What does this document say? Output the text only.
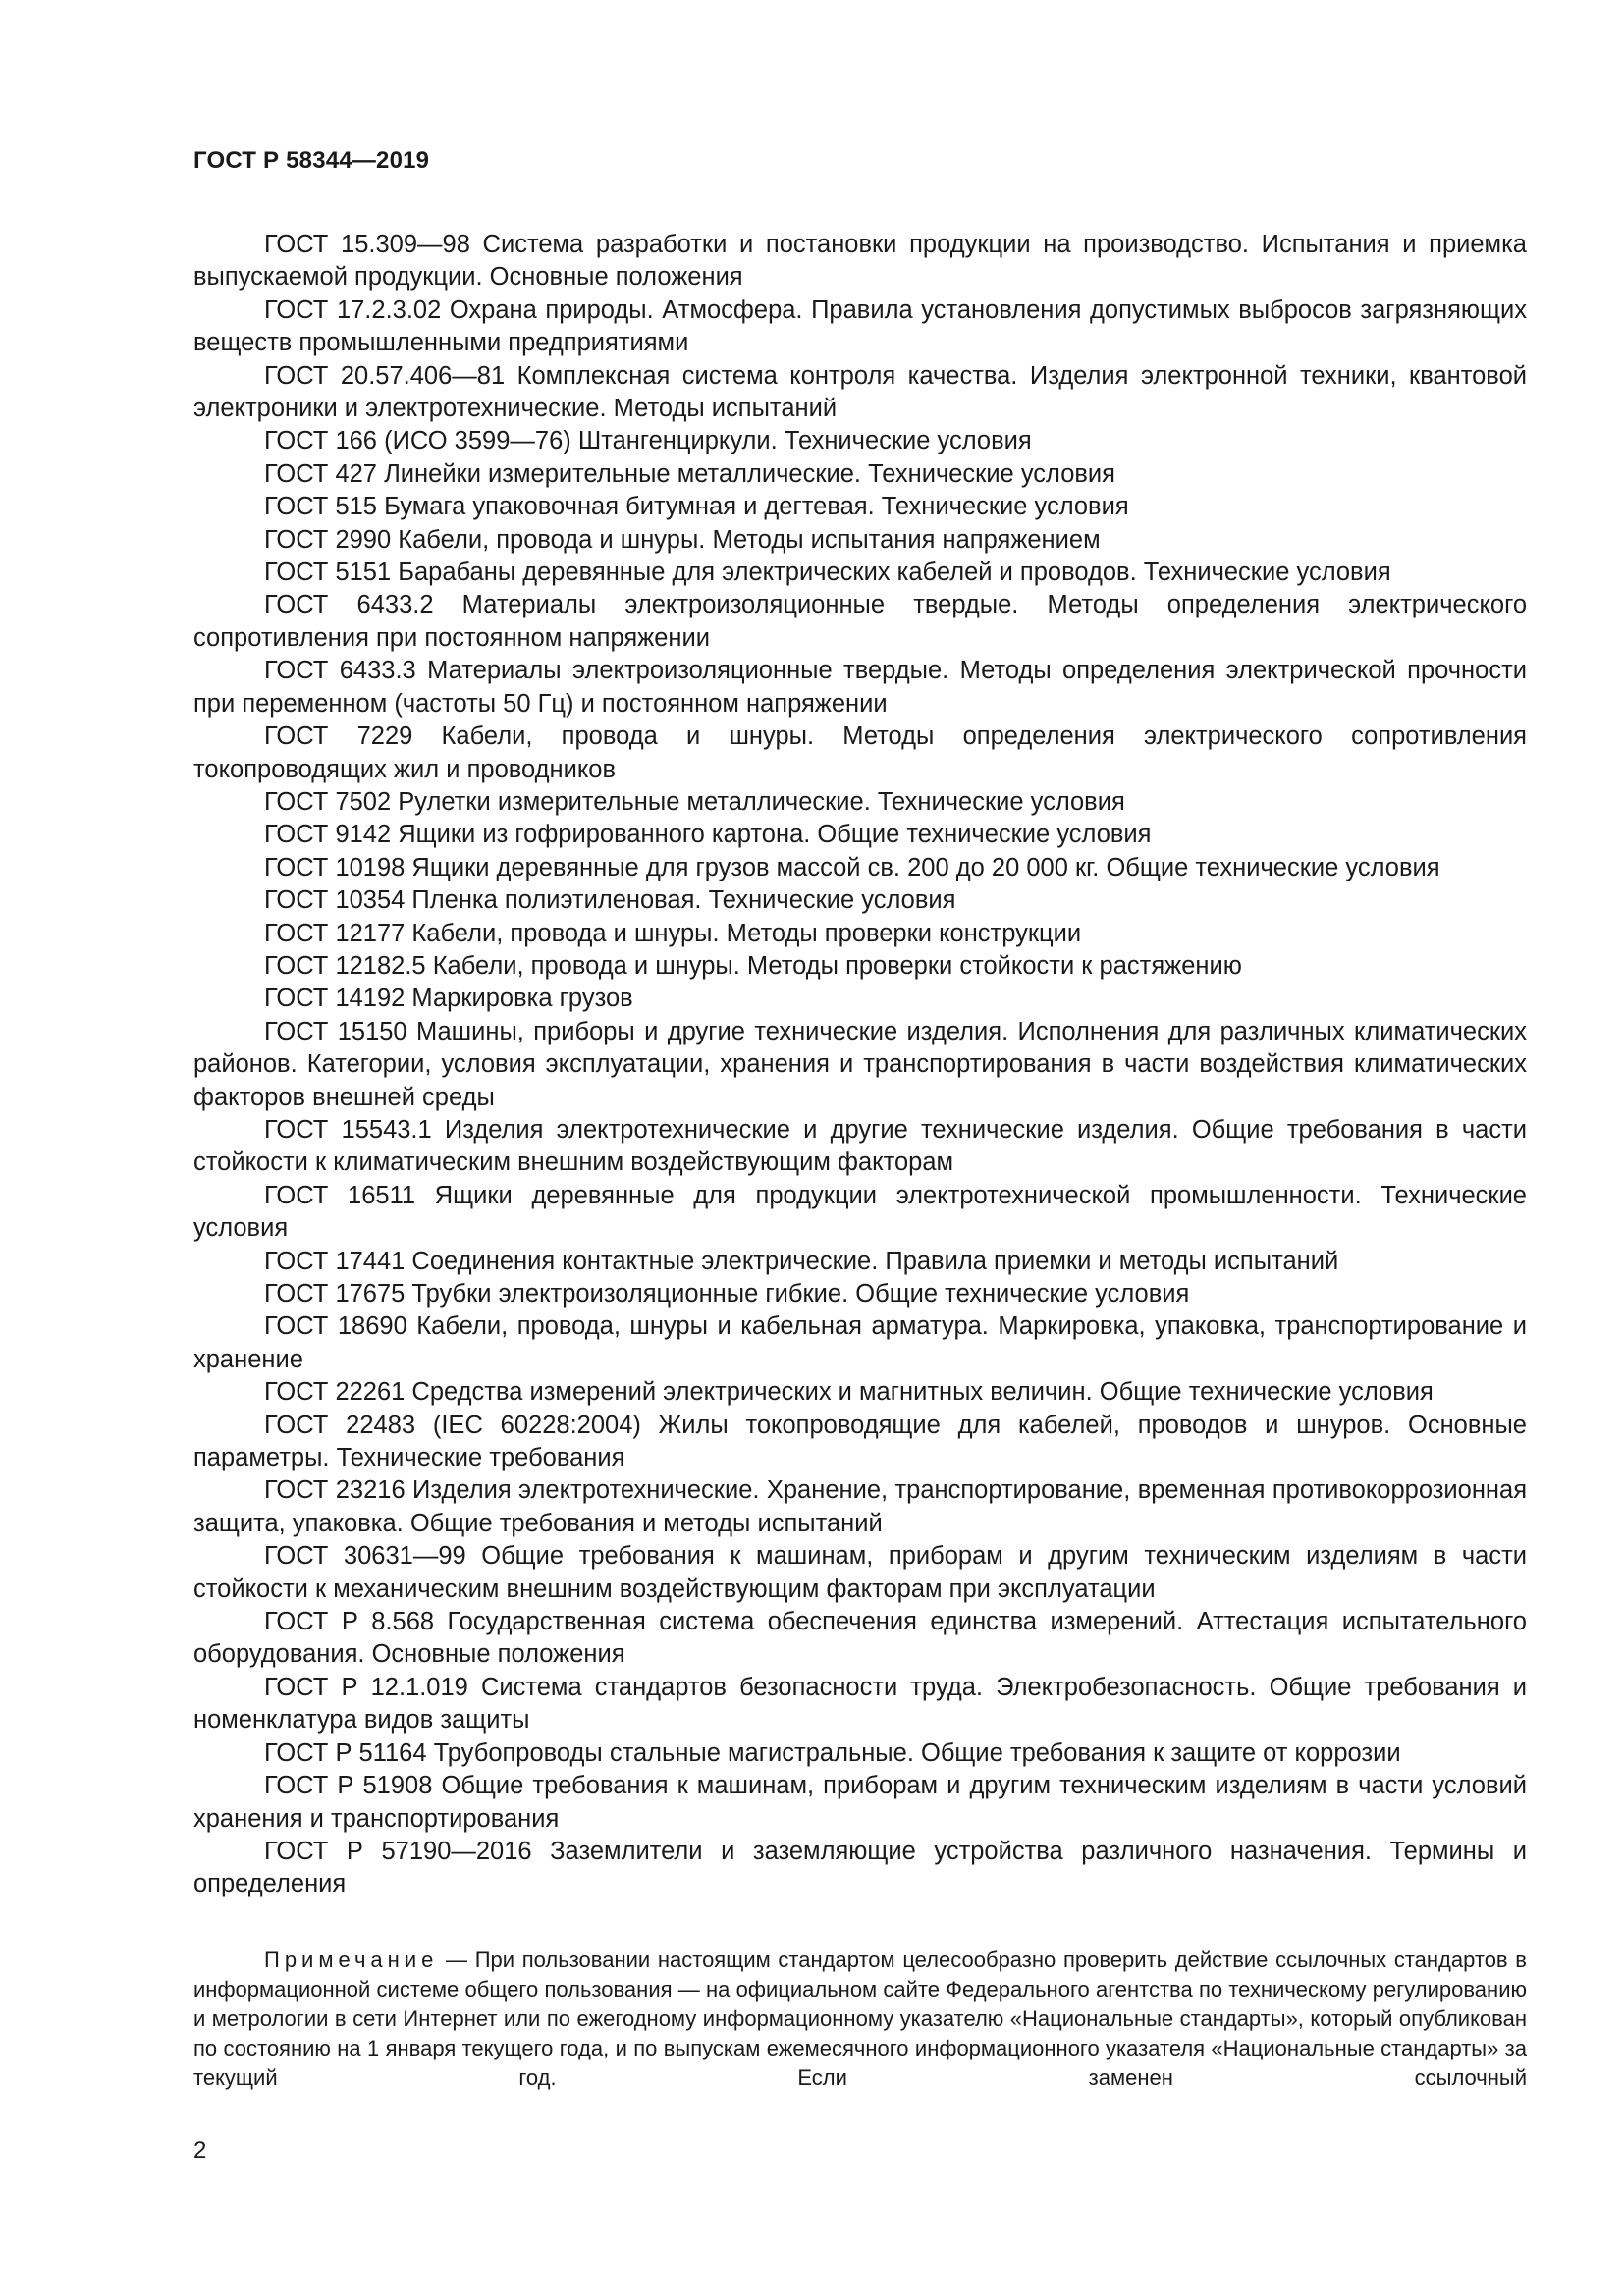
ГОСТ Р 58344—2019

ГОСТ 15.309—98 Система разработки и постановки продукции на производство. Испытания и приемка выпускаемой продукции. Основные положения

ГОСТ 17.2.3.02 Охрана природы. Атмосфера. Правила установления допустимых выбросов загрязняющих веществ промышленными предприятиями

ГОСТ 20.57.406—81 Комплексная система контроля качества. Изделия электронной техники, квантовой электроники и электротехнические. Методы испытаний

ГОСТ 166 (ИСО 3599—76) Штангенциркули. Технические условия

ГОСТ 427 Линейки измерительные металлические. Технические условия

ГОСТ 515 Бумага упаковочная битумная и дегтевая. Технические условия

ГОСТ 2990 Кабели, провода и шнуры. Методы испытания напряжением

ГОСТ 5151 Барабаны деревянные для электрических кабелей и проводов. Технические условия

ГОСТ 6433.2 Материалы электроизоляционные твердые. Методы определения электрического сопротивления при постоянном напряжении

ГОСТ 6433.3 Материалы электроизоляционные твердые. Методы определения электрической прочности при переменном (частоты 50 Гц) и постоянном напряжении

ГОСТ 7229 Кабели, провода и шнуры. Методы определения электрического сопротивления токопроводящих жил и проводников

ГОСТ 7502 Рулетки измерительные металлические. Технические условия

ГОСТ 9142 Ящики из гофрированного картона. Общие технические условия

ГОСТ 10198 Ящики деревянные для грузов массой св. 200 до 20 000 кг. Общие технические условия

ГОСТ 10354 Пленка полиэтиленовая. Технические условия

ГОСТ 12177 Кабели, провода и шнуры. Методы проверки конструкции

ГОСТ 12182.5 Кабели, провода и шнуры. Методы проверки стойкости к растяжению

ГОСТ 14192 Маркировка грузов

ГОСТ 15150 Машины, приборы и другие технические изделия. Исполнения для различных климатических районов. Категории, условия эксплуатации, хранения и транспортирования в части воздействия климатических факторов внешней среды

ГОСТ 15543.1 Изделия электротехнические и другие технические изделия. Общие требования в части стойкости к климатическим внешним воздействующим факторам

ГОСТ 16511 Ящики деревянные для продукции электротехнической промышленности. Технические условия

ГОСТ 17441 Соединения контактные электрические. Правила приемки и методы испытаний

ГОСТ 17675 Трубки электроизоляционные гибкие. Общие технические условия

ГОСТ 18690 Кабели, провода, шнуры и кабельная арматура. Маркировка, упаковка, транспортирование и хранение

ГОСТ 22261 Средства измерений электрических и магнитных величин. Общие технические условия

ГОСТ 22483 (IEC 60228:2004) Жилы токопроводящие для кабелей, проводов и шнуров. Основные параметры. Технические требования

ГОСТ 23216 Изделия электротехнические. Хранение, транспортирование, временная противокоррозионная защита, упаковка. Общие требования и методы испытаний

ГОСТ 30631—99 Общие требования к машинам, приборам и другим техническим изделиям в части стойкости к механическим внешним воздействующим факторам при эксплуатации

ГОСТ Р 8.568 Государственная система обеспечения единства измерений. Аттестация испытательного оборудования. Основные положения

ГОСТ Р 12.1.019 Система стандартов безопасности труда. Электробезопасность. Общие требования и номенклатура видов защиты

ГОСТ Р 51164 Трубопроводы стальные магистральные. Общие требования к защите от коррозии

ГОСТ Р 51908 Общие требования к машинам, приборам и другим техническим изделиям в части условий хранения и транспортирования

ГОСТ Р 57190—2016 Заземлители и заземляющие устройства различного назначения. Термины и определения

Примечание — При пользовании настоящим стандартом целесообразно проверить действие ссылочных стандартов в информационной системе общего пользования — на официальном сайте Федерального агентства по техническому регулированию и метрологии в сети Интернет или по ежегодному информационному указателю «Национальные стандарты», который опубликован по состоянию на 1 января текущего года, и по выпускам ежемесячного информационного указателя «Национальные стандарты» за текущий год. Если заменен ссылочный

2
